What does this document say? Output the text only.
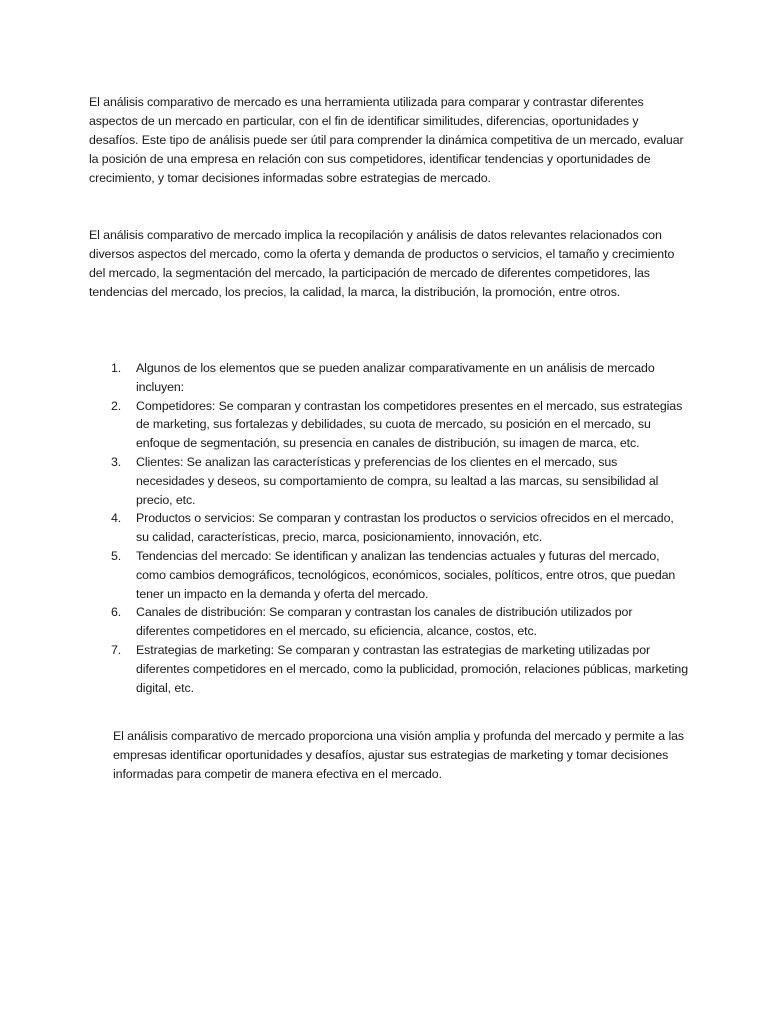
El análisis comparativo de mercado es una herramienta utilizada para comparar y contrastar diferentes aspectos de un mercado en particular, con el fin de identificar similitudes, diferencias, oportunidades y desafíos. Este tipo de análisis puede ser útil para comprender la dinámica competitiva de un mercado, evaluar la posición de una empresa en relación con sus competidores, identificar tendencias y oportunidades de crecimiento, y tomar decisiones informadas sobre estrategias de mercado.

El análisis comparativo de mercado implica la recopilación y análisis de datos relevantes relacionados con diversos aspectos del mercado, como la oferta y demanda de productos o servicios, el tamaño y crecimiento del mercado, la segmentación del mercado, la participación de mercado de diferentes competidores, las tendencias del mercado, los precios, la calidad, la marca, la distribución, la promoción, entre otros.

1. Algunos de los elementos que se pueden analizar comparativamente en un análisis de mercado incluyen:
2. Competidores: Se comparan y contrastan los competidores presentes en el mercado, sus estrategias de marketing, sus fortalezas y debilidades, su cuota de mercado, su posición en el mercado, su enfoque de segmentación, su presencia en canales de distribución, su imagen de marca, etc.
3. Clientes: Se analizan las características y preferencias de los clientes en el mercado, sus necesidades y deseos, su comportamiento de compra, su lealtad a las marcas, su sensibilidad al precio, etc.
4. Productos o servicios: Se comparan y contrastan los productos o servicios ofrecidos en el mercado, su calidad, características, precio, marca, posicionamiento, innovación, etc.
5. Tendencias del mercado: Se identifican y analizan las tendencias actuales y futuras del mercado, como cambios demográficos, tecnológicos, económicos, sociales, políticos, entre otros, que puedan tener un impacto en la demanda y oferta del mercado.
6. Canales de distribución: Se comparan y contrastan los canales de distribución utilizados por diferentes competidores en el mercado, su eficiencia, alcance, costos, etc.
7. Estrategias de marketing: Se comparan y contrastan las estrategias de marketing utilizadas por diferentes competidores en el mercado, como la publicidad, promoción, relaciones públicas, marketing digital, etc.

El análisis comparativo de mercado proporciona una visión amplia y profunda del mercado y permite a las empresas identificar oportunidades y desafíos, ajustar sus estrategias de marketing y tomar decisiones informadas para competir de manera efectiva en el mercado.
